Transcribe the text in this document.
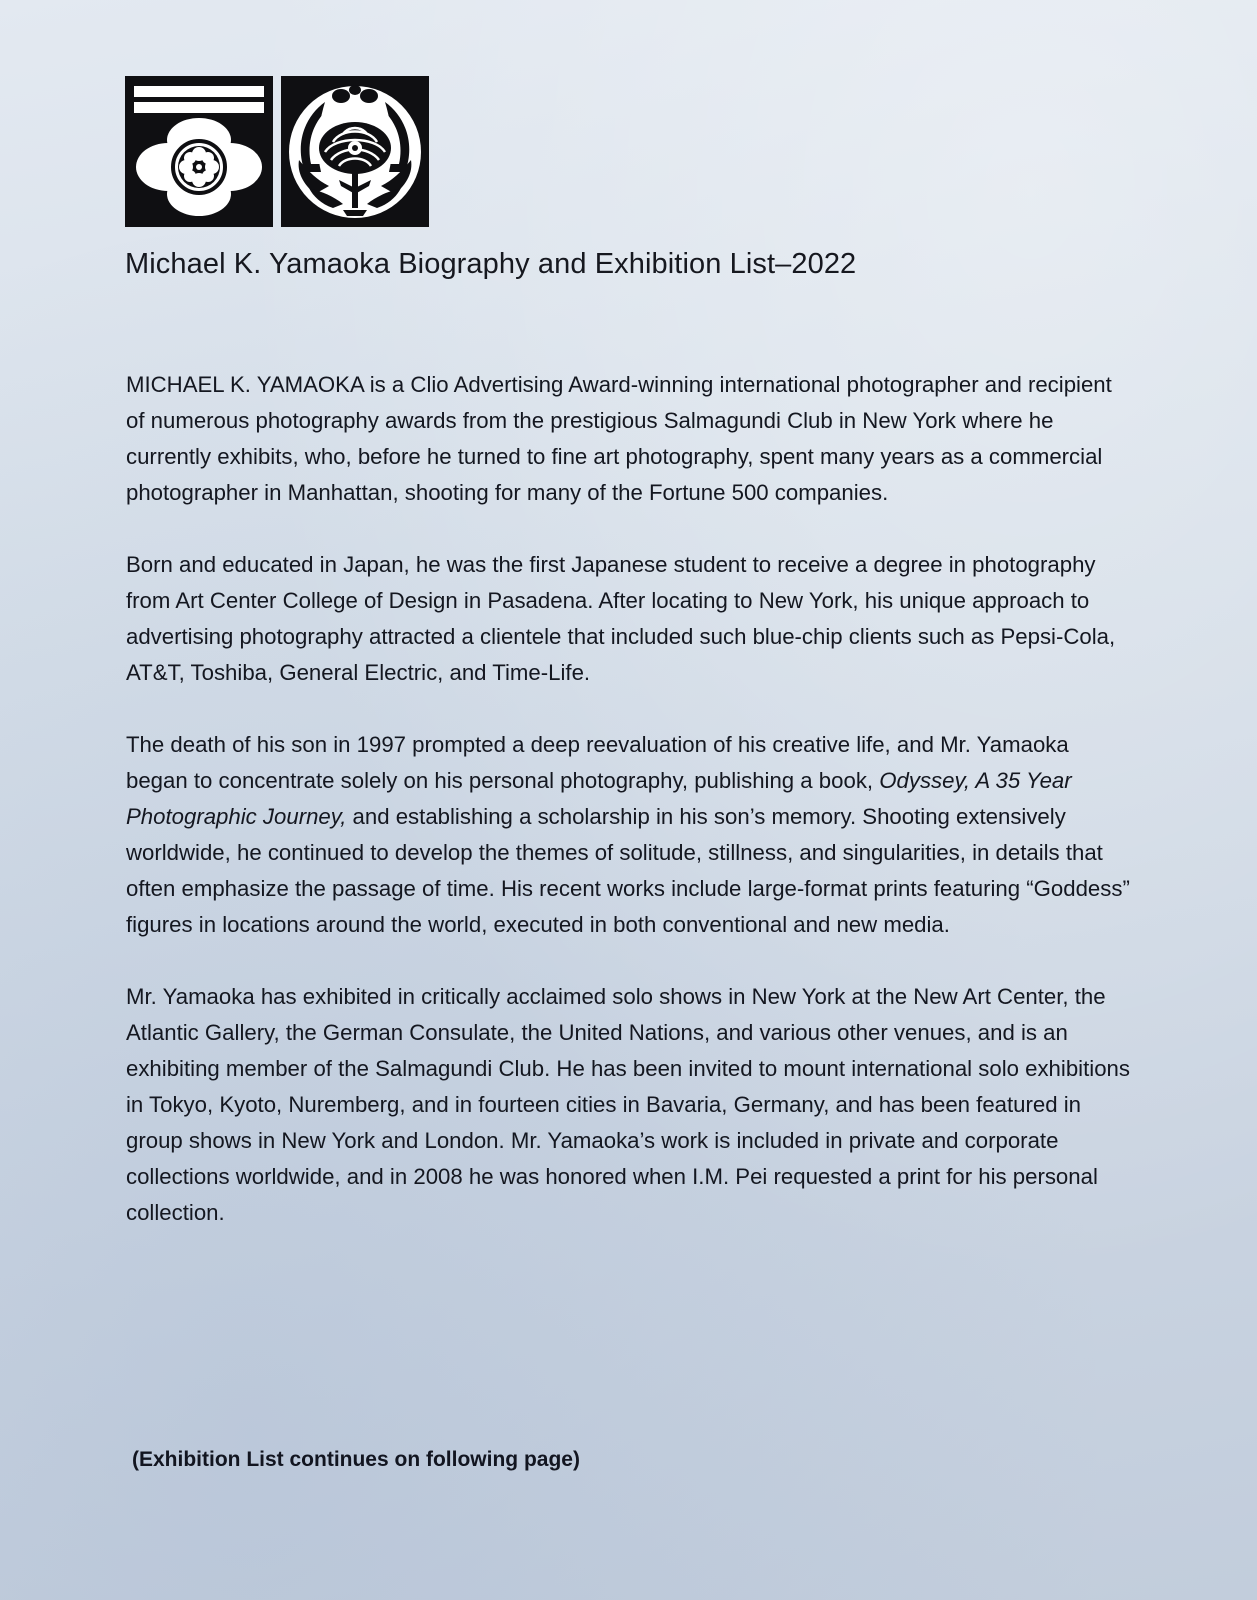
Michael K. Yamaoka Biography and Exhibition List–2022

MICHAEL K. YAMAOKA is a Clio Advertising Award-winning international photographer and recipient of numerous photography awards from the prestigious Salmagundi Club in New York where he currently exhibits, who, before he turned to fine art photography, spent many years as a commercial photographer in Manhattan, shooting for many of the Fortune 500 companies.

Born and educated in Japan, he was the first Japanese student to receive a degree in photography from Art Center College of Design in Pasadena. After locating to New York, his unique approach to advertising photography attracted a clientele that included such blue-chip clients such as Pepsi-Cola, AT&T, Toshiba, General Electric, and Time-Life.

The death of his son in 1997 prompted a deep reevaluation of his creative life, and Mr. Yamaoka began to concentrate solely on his personal photography, publishing a book, Odyssey, A 35 Year Photographic Journey, and establishing a scholarship in his son’s memory. Shooting extensively worldwide, he continued to develop the themes of solitude, stillness, and singularities, in details that often emphasize the passage of time. His recent works include large-format prints featuring “Goddess” figures in locations around the world, executed in both conventional and new media.

Mr. Yamaoka has exhibited in critically acclaimed solo shows in New York at the New Art Center, the Atlantic Gallery, the German Consulate, the United Nations, and various other venues, and is an exhibiting member of the Salmagundi Club. He has been invited to mount international solo exhibitions in Tokyo, Kyoto, Nuremberg, and in fourteen cities in Bavaria, Germany, and has been featured in group shows in New York and London. Mr. Yamaoka’s work is included in private and corporate collections worldwide, and in 2008 he was honored when I.M. Pei requested a print for his personal collection.

(Exhibition List continues on following page)
